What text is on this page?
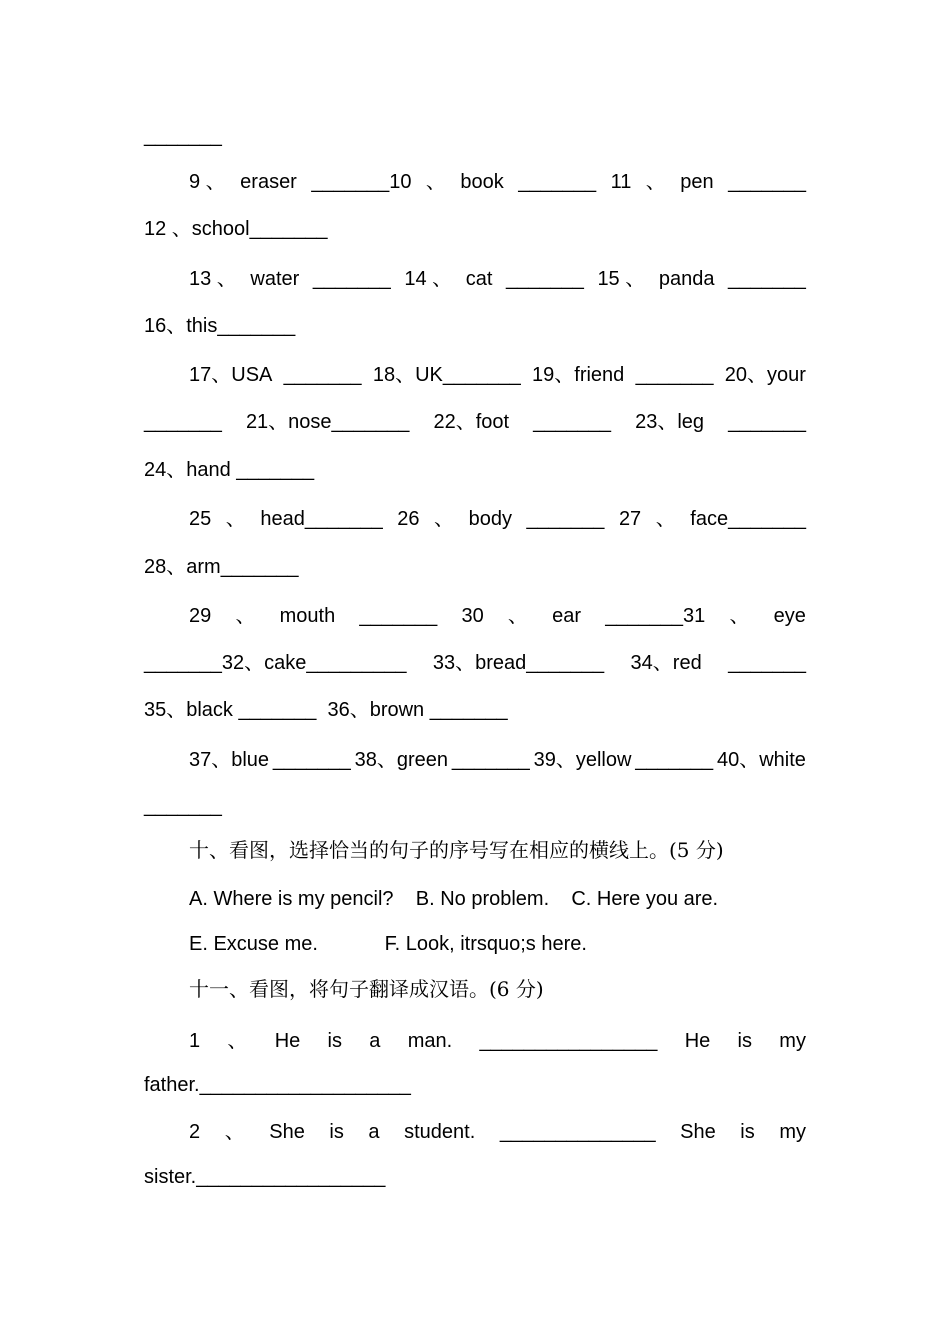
_______
9 、 eraser _______10 、 book _______ 11 、 pen _______
12 、school_______
13 、 water _______ 14 、 cat _______ 15 、 panda _______
16、this_______
17、USA _______ 18、UK_______ 19、friend _______ 20、your
_______ 21、nose_______ 22、foot _______ 23、leg _______
24、hand _______
25 、 head_______ 26 、 body _______ 27 、 face_______
28、arm_______
29 、 mouth _______ 30 、 ear _______31 、 eye
_______32、cake_________ 33、bread_______ 34、red _______
35、black _______  36、brown _______
37、blue _______ 38、green _______ 39、yellow _______ 40、white
_______
十、看图，选择恰当的句子的序号写在相应的横线上。(5 分)
A. Where is my pencil?    B. No problem.    C. Here you are.
E. Excuse me.            F. Look, itrsquo;s here.
十一、看图，将句子翻译成汉语。(6 分)
1 、 He is a man. ________________ He is my
father.___________________
2 、 She is a student. ______________ She is my
sister._________________
